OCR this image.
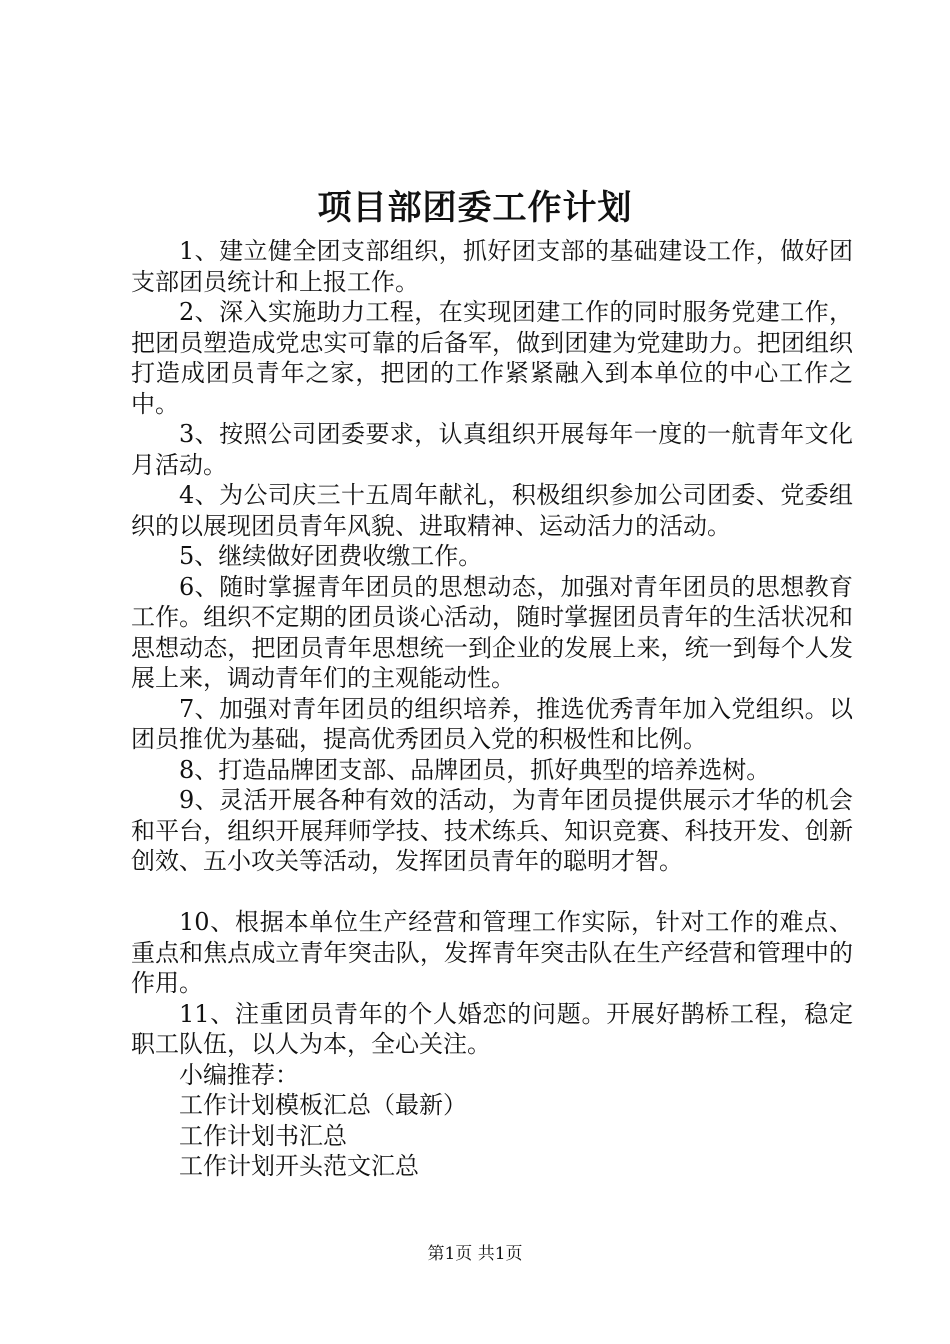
项目部团委工作计划

1、建立健全团支部组织，抓好团支部的基础建设工作，做好团支部团员统计和上报工作。

2、深入实施助力工程，在实现团建工作的同时服务党建工作，把团员塑造成党忠实可靠的后备军，做到团建为党建助力。把团组织打造成团员青年之家，把团的工作紧紧融入到本单位的中心工作之中。

3、按照公司团委要求，认真组织开展每年一度的一航青年文化月活动。

4、为公司庆三十五周年献礼，积极组织参加公司团委、党委组织的以展现团员青年风貌、进取精神、运动活力的活动。

5、继续做好团费收缴工作。

6、随时掌握青年团员的思想动态，加强对青年团员的思想教育工作。组织不定期的团员谈心活动，随时掌握团员青年的生活状况和思想动态，把团员青年思想统一到企业的发展上来，统一到每个人发展上来，调动青年们的主观能动性。

7、加强对青年团员的组织培养，推选优秀青年加入党组织。以团员推优为基础，提高优秀团员入党的积极性和比例。

8、打造品牌团支部、品牌团员，抓好典型的培养选树。

9、灵活开展各种有效的活动，为青年团员提供展示才华的机会和平台，组织开展拜师学技、技术练兵、知识竞赛、科技开发、创新创效、五小攻关等活动，发挥团员青年的聪明才智。

10、根据本单位生产经营和管理工作实际，针对工作的难点、重点和焦点成立青年突击队，发挥青年突击队在生产经营和管理中的作用。

11、注重团员青年的个人婚恋的问题。开展好鹊桥工程，稳定职工队伍，以人为本，全心关注。

小编推荐：

工作计划模板汇总（最新）

工作计划书汇总

工作计划开头范文汇总

第1页 共1页
